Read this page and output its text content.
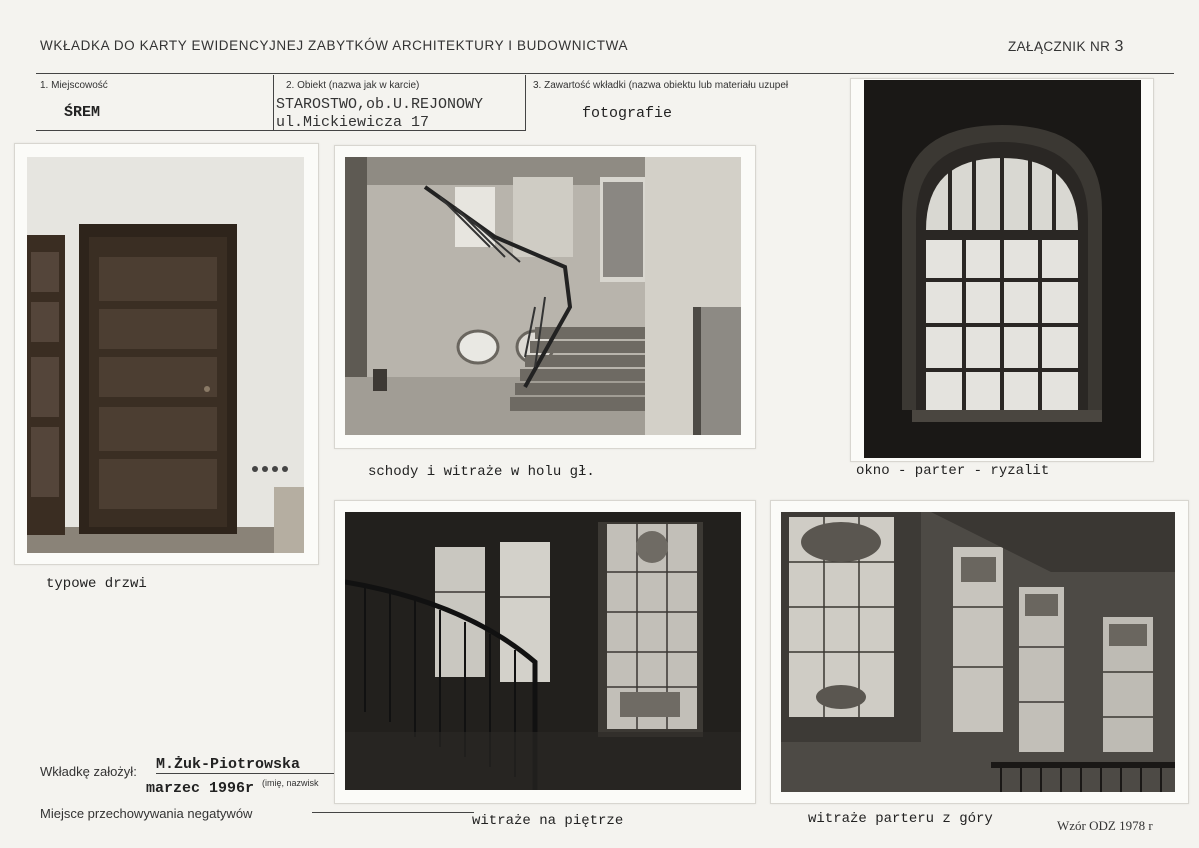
WKŁADKA DO KARTY EWIDENCYJNEJ ZABYTKÓW ARCHITEKTURY I BUDOWNICTWA	ZAŁĄCZNIK NR 3
1. Miejscowość
ŚREM
2. Obiekt (nazwa jak w karcie)
STAROSTWO,ob.U.REJONOWY
ul.Mickiewicza 17
3. Zawartość wkładki (nazwa obiektu lub materiału uzupeł
fotografie
typowe drzwi
schody i witraże w holu gł.	okno - parter - ryzalit
witraże na piętrze	witraże parteru z góry
Wkładkę założył: M.Żuk-Piotrowska
(imię, nazwisk
marzec 1996r
Miejsce przechowywania negatywów
Wzór ODZ 1978 r
